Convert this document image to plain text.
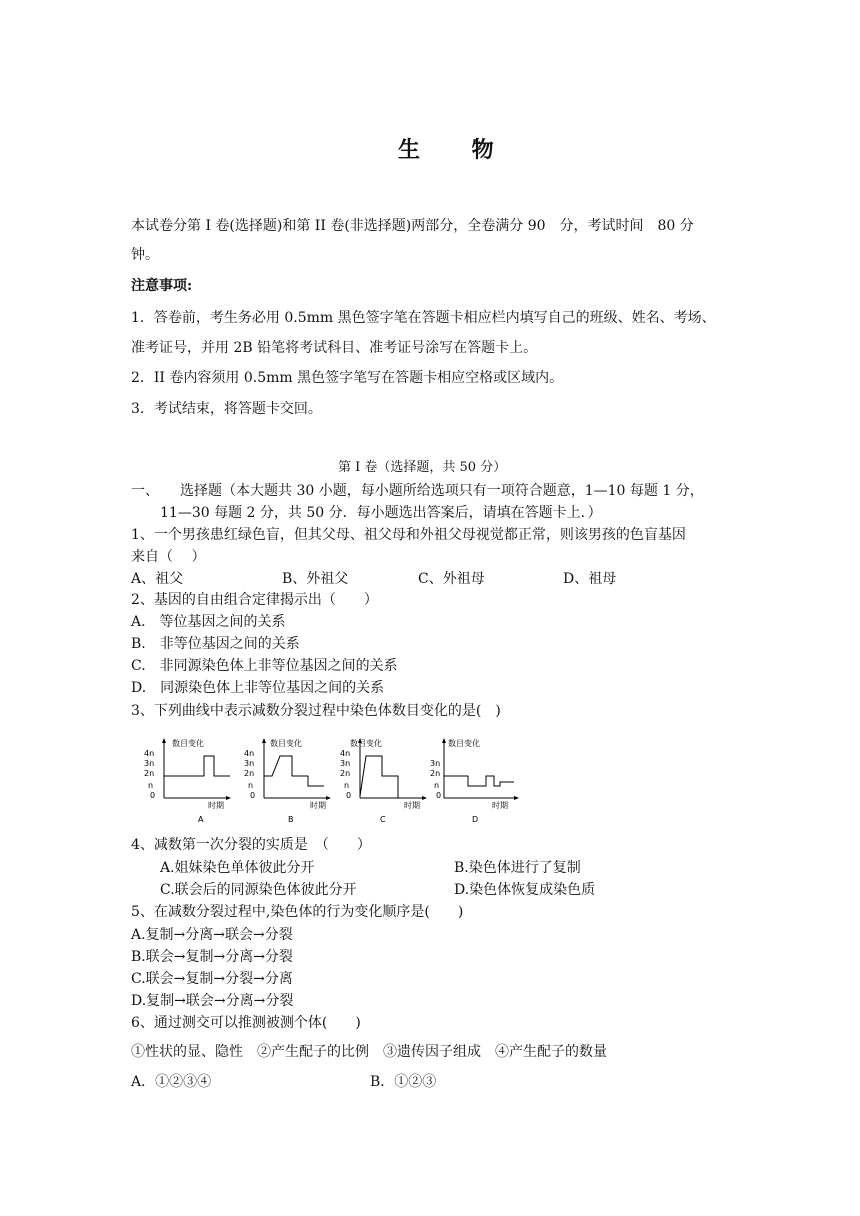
生 物
本试卷分第 I 卷(选择题)和第 II 卷(非选择题)两部分，全卷满分 90　分，考试时间　80 分
钟。
注意事项:
1．答卷前，考生务必用 0.5mm 黑色签字笔在答题卡相应栏内填写自己的班级、姓名、考场、
准考证号，并用 2B 铅笔将考试科目、准考证号涂写在答题卡上。
2．II 卷内容须用 0.5mm 黑色签字笔写在答题卡相应空格或区域内。
3．考试结束，将答题卡交回。
第 I 卷（选择题，共 50 分）
一、　　选择题（本大题共 30 小题，每小题所给选项只有一项符合题意，1—10 每题 1 分，
11—30 每题 2 分，共 50 分．每小题选出答案后，请填在答题卡上．）
1、一个男孩患红绿色盲，但其父母、祖父母和外祖父母视觉都正常，则该男孩的色盲基因
来自（　 ）
A、祖父	B、外祖父	C、外祖母	D、祖母
2、基因的自由组合定律揭示出（　　）
A.　等位基因之间的关系
B.　非等位基因之间的关系
C.　非同源染色体上非等位基因之间的关系
D.　同源染色体上非等位基因之间的关系
3、下列曲线中表示减数分裂过程中染色体数目变化的是(　)
数目变化
时期
4n
3n
2n
n
0
A
数目变化
时期
4n
3n
2n
n
0
B
数目变化
时期
4n
3n
2n
n
0
C
数目变化
时期
3n
2n
n
0
D
4、减数第一次分裂的实质是　（　　）
A.姐妹染色单体彼此分开	B.染色体进行了复制
C.联会后的同源染色体彼此分开	D.染色体恢复成染色质
5、在减数分裂过程中,染色体的行为变化顺序是(　　)
A.复制→分离→联会→分裂
B.联会→复制→分离→分裂
C.联会→复制→分裂→分离
D.复制→联会→分离→分裂
6、通过测交可以推测被测个体(　　)
①性状的显、隐性　②产生配子的比例　③遗传因子组成　④产生配子的数量
A．①②③④	B．①②③
